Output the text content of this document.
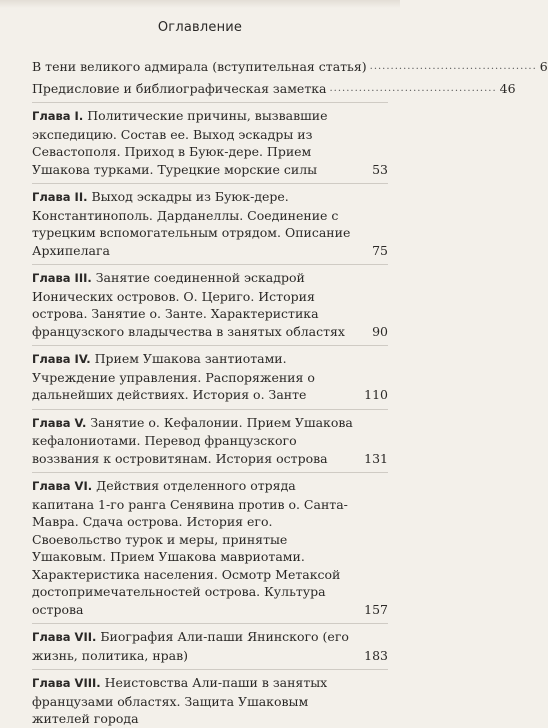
Оглавление
В тени великого адмирала (вступительная статья) ........................................ 6
Предисловие и библиографическая заметка ........................................ 46
Глава I. Политические причины, вызвавшие экспедицию. Состав ее. Выход эскадры из Севастополя. Приход в Буюк-дере. Прием Ушакова турками. Турецкие морские силы	53
Глава II. Выход эскадры из Буюк-дере. Константинополь. Дарданеллы. Соединение с турецким вспомогательным отрядом. Описание Архипелага	75
Глава III. Занятие соединенной эскадрой Ионических островов. О. Цериго. История острова. Занятие о. Занте. Характеристика французского владычества в занятых областях	90
Глава IV. Прием Ушакова зантиотами. Учреждение управления. Распоряжения о дальнейших действиях. История о. Занте	110
Глава V. Занятие о. Кефалонии. Прием Ушакова кефалониотами. Перевод французского воззвания к островитянам. История острова	131
Глава VI. Действия отделенного отряда капитана 1-го ранга Сенявина против о. Санта-Мавра. Сдача острова. История его. Своевольство турок и меры, принятые Ушаковым. Прием Ушакова мавриотами. Характеристика населения. Осмотр Метаксой достопримечательностей острова. Культура острова	157
Глава VII. Биография Али-паши Янинского (его жизнь, политика, нрав)	183
Глава VIII. Неистовства Али-паши в занятых французами областях. Защита Ушаковым жителей города
